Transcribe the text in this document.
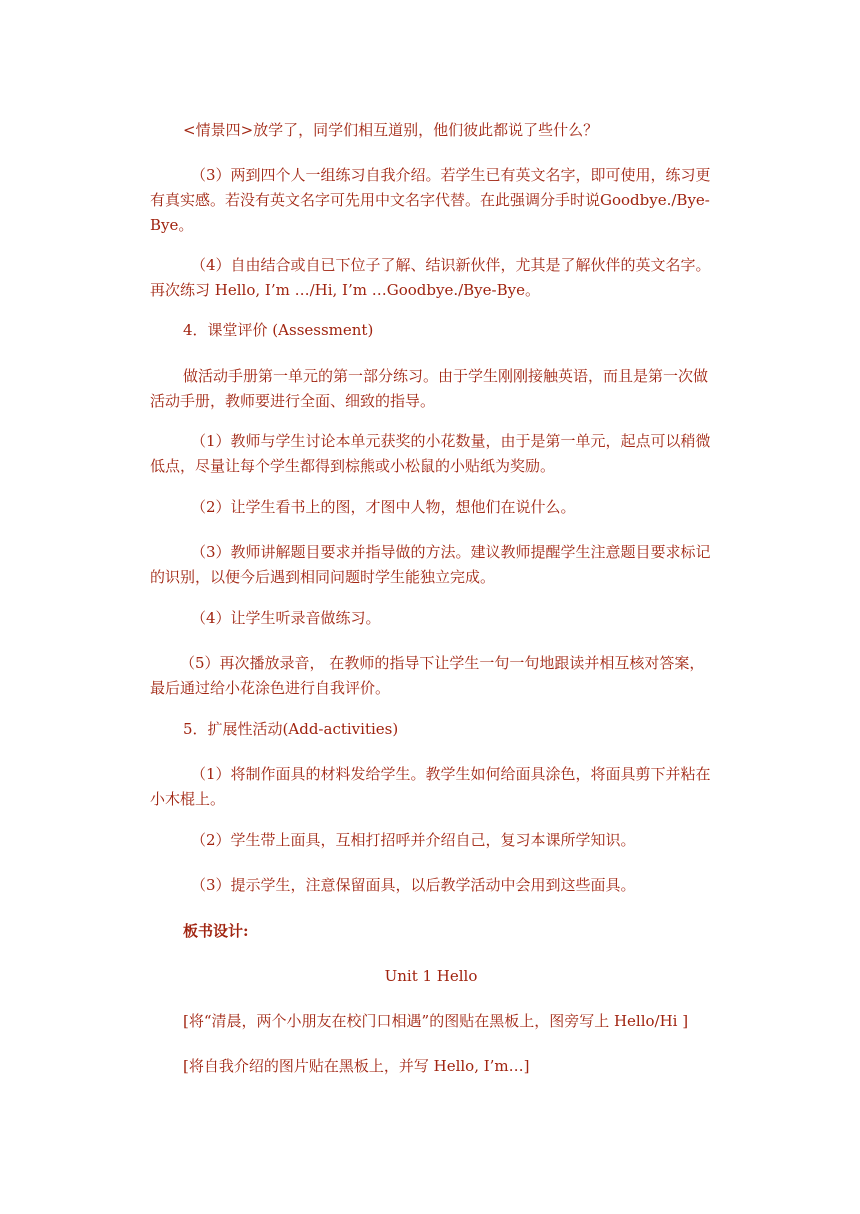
<情景四>放学了，同学们相互道别，他们彼此都说了些什么？

（3）两到四个人一组练习自我介绍。若学生已有英文名字，即可使用，练习更有真实感。若没有英文名字可先用中文名字代替。在此强调分手时说Goodbye./Bye-Bye。

（4）自由结合或自已下位子了解、结识新伙伴，尤其是了解伙伴的英文名字。再次练习 Hello, I’m …/Hi, I’m …Goodbye./Bye-Bye。

4．课堂评价 (Assessment)

做活动手册第一单元的第一部分练习。由于学生刚刚接触英语，而且是第一次做活动手册，教师要进行全面、细致的指导。

（1）教师与学生讨论本单元获奖的小花数量，由于是第一单元，起点可以稍微低点，尽量让每个学生都得到棕熊或小松鼠的小贴纸为奖励。

（2）让学生看书上的图，才图中人物，想他们在说什么。

（3）教师讲解题目要求并指导做的方法。建议教师提醒学生注意题目要求标记的识别，以便今后遇到相同问题时学生能独立完成。

（4）让学生听录音做练习。

（5）再次播放录音， 在教师的指导下让学生一句一句地跟读并相互核对答案，最后通过给小花涂色进行自我评价。

5．扩展性活动(Add-activities)

（1）将制作面具的材料发给学生。教学生如何给面具涂色，将面具剪下并粘在小木棍上。

（2）学生带上面具，互相打招呼并介绍自己，复习本课所学知识。

（3）提示学生，注意保留面具，以后教学活动中会用到这些面具。

板书设计:

Unit 1 Hello

[将“清晨，两个小朋友在校门口相遇”的图贴在黑板上，图旁写上 Hello/Hi ]

[将自我介绍的图片贴在黑板上，并写 Hello, I’m…]
